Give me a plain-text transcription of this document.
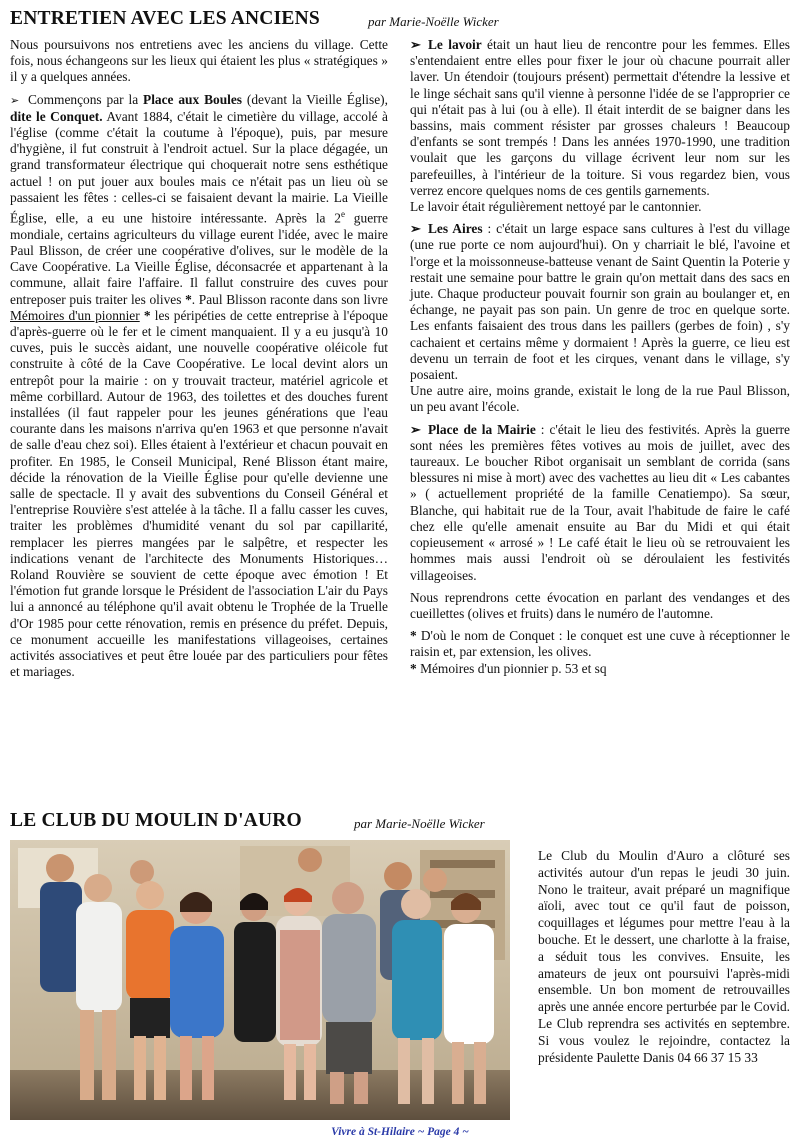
ENTRETIEN AVEC LES ANCIENS	par Marie-Noëlle Wicker

Nous poursuivons nos entretiens avec les anciens du village. Cette fois, nous échangeons sur les lieux qui étaient les plus « stratégiques » il y a quelques années.

➢ Commençons par la Place aux Boules (devant la Vieille Église), dite le Conquet. Avant 1884, c'était le cimetière du village, accolé à l'église (comme c'était la coutume à l'époque), puis, par mesure d'hygiène, il fut construit à l'endroit actuel. Sur la place dégagée, un grand transformateur électrique qui choquerait notre sens esthétique actuel ! on put jouer aux boules mais ce n'était pas un lieu où se passaient les fêtes : celles-ci se faisaient devant la mairie. La Vieille Église, elle, a eu une histoire intéressante. Après la 2e guerre mondiale, certains agriculteurs du village eurent l'idée, avec le maire Paul Blisson, de créer une coopérative d'olives, sur le modèle de la Cave Coopérative. La Vieille Église, déconsacrée et appartenant à la commune, allait faire l'affaire. Il fallut construire des cuves pour entreposer puis traiter les olives *. Paul Blisson raconte dans son livre Mémoires d'un pionnier * les péripéties de cette entreprise à l'époque d'après-guerre où le fer et le ciment manquaient. Il y a eu jusqu'à 10 cuves, puis le succès aidant, une nouvelle coopérative oléicole fut construite à côté de la Cave Coopérative. Le local devint alors un entrepôt pour la mairie : on y trouvait tracteur, matériel agricole et même corbillard. Autour de 1963, des toilettes et des douches furent installées (il faut rappeler pour les jeunes générations que l'eau courante dans les maisons n'arriva qu'en 1963 et que personne n'avait de salle d'eau chez soi). Elles étaient à l'extérieur et chacun pouvait en profiter. En 1985, le Conseil Municipal, René Blisson étant maire, décide la rénovation de la Vieille Église pour qu'elle devienne une salle de spectacle. Il y avait des subventions du Conseil Général et l'entreprise Rouvière s'est attelée à la tâche. Il a fallu casser les cuves, traiter les problèmes d'humidité venant du sol par capillarité, remplacer les pierres mangées par le salpêtre, et respecter les indications venant de l'architecte des Monuments Historiques… Roland Rouvière se souvient de cette époque avec émotion ! Et l'émotion fut grande lorsque le Président de l'association L'air du Pays lui a annoncé au téléphone qu'il avait obtenu le Trophée de la Truelle d'Or 1985 pour cette rénovation, remis en présence du préfet. Depuis, ce monument accueille les manifestations villageoises, certaines activités associatives et peut être louée par des particuliers pour fêtes et mariages.

➢ Le lavoir était un haut lieu de rencontre pour les femmes. Elles s'entendaient entre elles pour fixer le jour où chacune pourrait aller laver. Un étendoir (toujours présent) permettait d'étendre la lessive et le linge séchait sans qu'il vienne à personne l'idée de se l'approprier ce qui n'était pas à lui (ou à elle). Il était interdit de se baigner dans les bassins, mais comment résister par grosses chaleurs ! Beaucoup d'enfants se sont trempés ! Dans les années 1970-1990, une tradition voulait que les garçons du village écrivent leur nom sur les parefeuilles, à l'intérieur de la toiture. Si vous regardez bien, vous verrez encore quelques noms de ces gentils garnements.

Le lavoir était régulièrement nettoyé par le cantonnier.

➢ Les Aires : c'était un large espace sans cultures à l'est du village (une rue porte ce nom aujourd'hui). On y charriait le blé, l'avoine et l'orge et la moissonneuse-batteuse venant de Saint Quentin la Poterie y restait une semaine pour battre le grain qu'on mettait dans des sacs en jute. Chaque producteur pouvait fournir son grain au boulanger et, en échange, ne payait pas son pain. Un genre de troc en quelque sorte. Les enfants faisaient des trous dans les paillers (gerbes de foin) , s'y cachaient et certains même y dormaient ! Après la guerre, ce lieu est devenu un terrain de foot et les cirques, venant dans le village, s'y posaient.

Une autre aire, moins grande, existait le long de la rue Paul Blisson, un peu avant l'école.

➢ Place de la Mairie : c'était le lieu des festivités. Après la guerre sont nées les premières fêtes votives au mois de juillet, avec des taureaux. Le boucher Ribot organisait un semblant de corrida (sans blessures ni mise à mort) avec des vachettes au lieu dit « Les cabantes » ( actuellement propriété de la famille Cenatiempo). Sa sœur, Blanche, qui habitait rue de la Tour, avait l'habitude de faire le café chez elle qu'elle amenait ensuite au Bar du Midi et qui était copieusement « arrosé » ! Le café était le lieu où se retrouvaient les hommes mais aussi l'endroit où se déroulaient les festivités villageoises.

Nous reprendrons cette évocation en parlant des vendanges et des cueillettes (olives et fruits) dans le numéro de l'automne.

* D'où le nom de Conquet : le conquet est une cuve à réceptionner le raisin et, par extension, les olives.

* Mémoires d'un pionnier p. 53 et sq

LE CLUB DU MOULIN D'AURO	par Marie-Noëlle Wicker
Le Club du Moulin d'Auro a clôturé ses activités autour d'un repas le jeudi 30 juin. Nono le traiteur, avait préparé un magnifique aïoli, avec tout ce qu'il faut de poisson, coquillages et légumes pour mettre l'eau à la bouche. Et le dessert, une charlotte à la fraise, a séduit tous les convives. Ensuite, les amateurs de jeux ont poursuivi l'après-midi ensemble. Un bon moment de retrouvailles après une année encore perturbée par le Covid. Le Club reprendra ses activités en septembre. Si vous voulez le rejoindre, contactez la présidente Paulette Danis 04 66 37 15 33
Vivre à St-Hilaire ~ Page 4 ~
